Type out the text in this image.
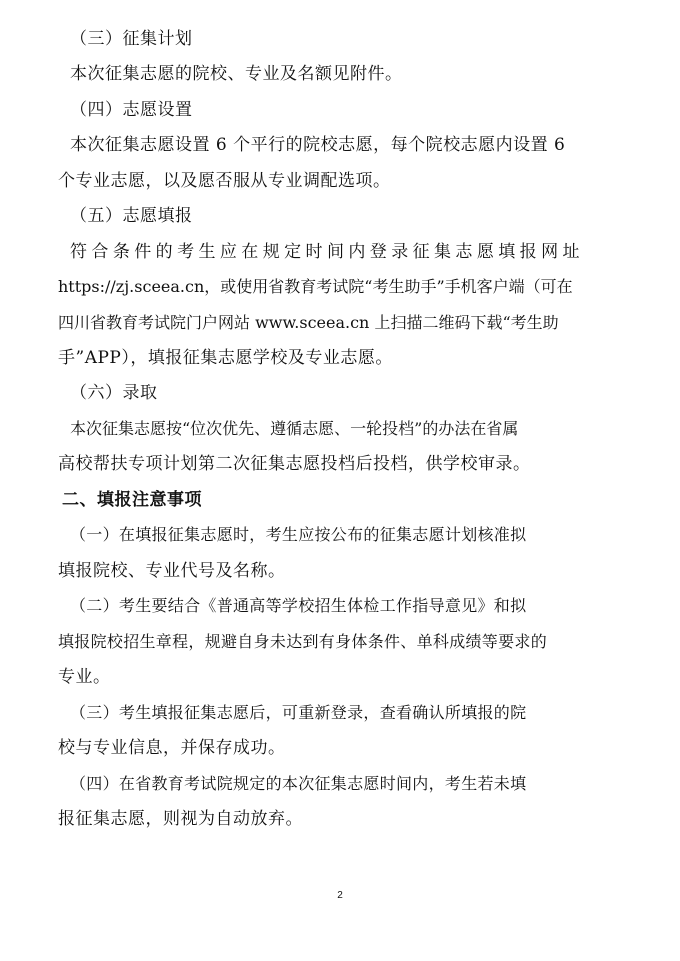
（三）征集计划
本次征集志愿的院校、专业及名额见附件。
（四）志愿设置
本次征集志愿设置 6 个平行的院校志愿，每个院校志愿内设置 6
个专业志愿，以及愿否服从专业调配选项。
（五）志愿填报
符合条件的考生应在规定时间内登录征集志愿填报网址
https://zj.sceea.cn，或使用省教育考试院“考生助手”手机客户端（可在
四川省教育考试院门户网站 www.sceea.cn 上扫描二维码下载“考生助
手”APP），填报征集志愿学校及专业志愿。
（六）录取
本次征集志愿按“位次优先、遵循志愿、一轮投档”的办法在省属
高校帮扶专项计划第二次征集志愿投档后投档，供学校审录。
二、填报注意事项
（一）在填报征集志愿时，考生应按公布的征集志愿计划核准拟
填报院校、专业代号及名称。
（二）考生要结合《普通高等学校招生体检工作指导意见》和拟
填报院校招生章程，规避自身未达到有身体条件、单科成绩等要求的
专业。
（三）考生填报征集志愿后，可重新登录，查看确认所填报的院
校与专业信息，并保存成功。
（四）在省教育考试院规定的本次征集志愿时间内，考生若未填
报征集志愿，则视为自动放弃。
2
